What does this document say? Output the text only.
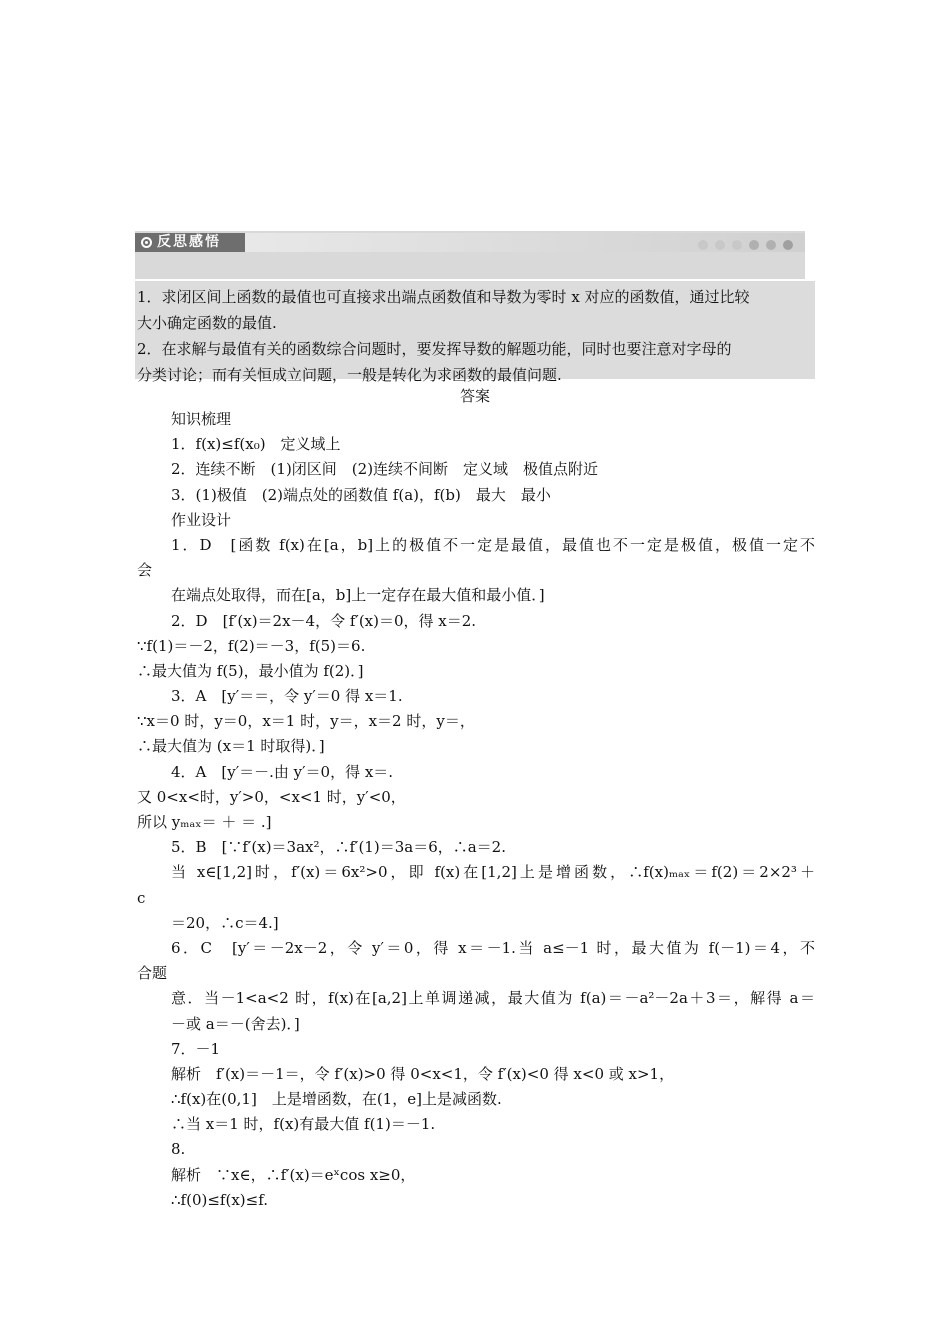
反思感悟

1．求闭区间上函数的最值也可直接求出端点函数值和导数为零时 x 对应的函数值，通过比较

大小确定函数的最值.

2．在求解与最值有关的函数综合问题时，要发挥导数的解题功能，同时也要注意对字母的

分类讨论；而有关恒成立问题，一般是转化为求函数的最值问题.

答案
知识梳理
1．f(x)≤f(x₀)　定义域上
2．连续不断　(1)闭区间　(2)连续不间断　定义域　极值点附近
3．(1)极值　(2)端点处的函数值 f(a)，f(b)　最大　最小
作业设计
1．D　[函数 f(x)在[a，b]上的极值不一定是最值，最值也不一定是极值，极值一定不
会
在端点处取得，而在[a，b]上一定存在最大值和最小值．]
2．D　[f′(x)＝2x－4，令 f′(x)＝0，得 x＝2.
∵f(1)＝－2，f(2)＝－3，f(5)＝6.
∴最大值为 f(5)，最小值为 f(2)．]
3．A　[y′＝＝，令 y′＝0 得 x＝1.
∵x＝0 时，y＝0，x＝1 时，y＝，x＝2 时，y＝，
∴最大值为 (x＝1 时取得)．]
4．A　[y′＝－.由 y′＝0，得 x＝.
又 0<x<时，y′>0，<x<1 时，y′<0，
所以 yₘₐₓ＝ ＋ ＝ .]
5．B　[∵f′(x)＝3ax²，∴f′(1)＝3a＝6，∴a＝2.
当 x∈[1,2]时，f′(x)＝6x²>0，即 f(x)在[1,2]上是增函数，∴f(x)ₘₐₓ＝f(2)＝2×2³＋
c
＝20，∴c＝4.]
6．C　[y′＝－2x－2，令 y′＝0，得 x＝－1.当 a≤－1 时，最大值为 f(－1)＝4，不
合题
意．当－1<a<2 时，f(x)在[a,2]上单调递减，最大值为 f(a)＝－a²－2a＋3＝，解得 a＝
－或 a＝－(舍去)．]
7．－1
解析　f′(x)＝－1＝，令 f′(x)>0 得 0<x<1，令 f′(x)<0 得 x<0 或 x>1，
∴f(x)在(0,1]　上是增函数，在(1，e]上是减函数.
∴当 x＝1 时，f(x)有最大值 f(1)＝－1.
8.
解析　∵x∈，∴f′(x)＝eˣcos x≥0，
∴f(0)≤f(x)≤f.
